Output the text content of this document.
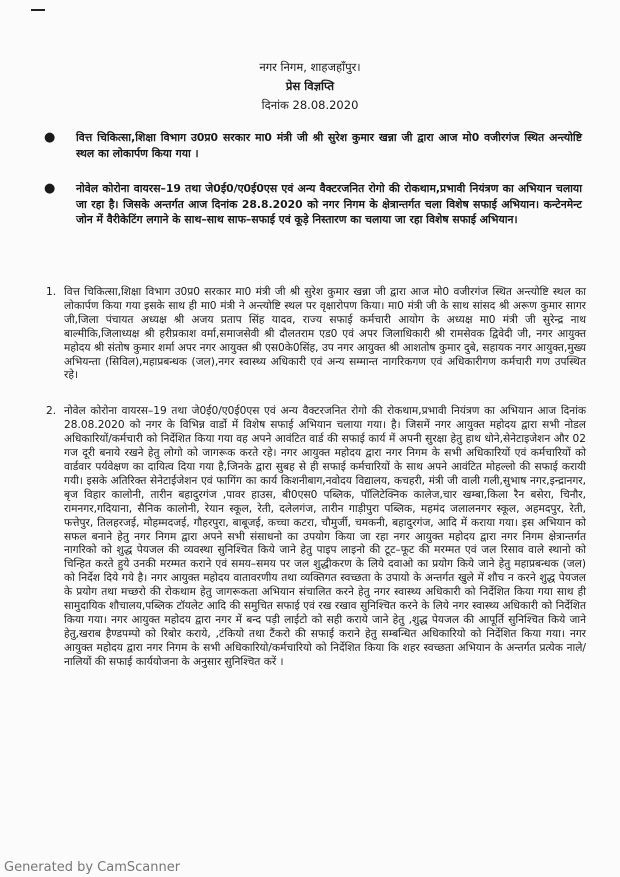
नगर निगम, शाहजहाँपुर।
प्रेस विज्ञप्ति
दिनांक 28.08.2020
● वित्त चिकित्सा,शिक्षा विभाग उ0प्र0 सरकार मा0 मंत्री जी श्री सुरेश कुमार खन्ना जी द्वारा आज मो0 वजीरगंज स्थित अन्त्योष्टि स्थल का लोकार्पण किया गया ।
● नोवेल कोरोना वायरस–19 तथा जे0ई0/ए0ई0एस एवं अन्य वैक्टरजनित रोगो की रोकथाम,प्रभावी नियंत्रण का अभियान चलाया जा रहा है। जिसके अन्तर्गत आज दिनांक 28.8.2020 को नगर निगम के क्षेत्रान्तर्गत चला विशेष सफाई अभियान। कन्टेनमेन्ट जोन में वैरीकेटिंग लगाने के साथ–साथ साफ–सफाई एवं कूड़े निस्तारण का चलाया जा रहा विशेष सफाई अभियान।
1. वित्त चिकित्सा,शिक्षा विभाग उ0प्र0 सरकार मा0 मंत्री जी श्री सुरेश कुमार खन्ना जी द्वारा आज मो0 वजीरगंज स्थित अन्त्योष्टि स्थल का लोकार्पण किया गया इसके साथ ही मा0 मंत्री ने अन्त्योष्टि स्थल पर वृक्षारोपण किया। मा0 मंत्री जी के साथ सांसद श्री अरूण कुमार सागर जी,जिला पंचायत अध्यक्ष श्री अजय प्रताप सिंह यादव, राज्य सफाई कर्मचारी आयोग के अध्यक्ष मा0 मंत्री जी सुरेन्द्र नाथ बाल्मीकि,जिलाध्यक्ष श्री हरीप्रकाश वर्मा,समाजसेवी श्री दौलतराम एड0 एवं अपर जिलाधिकारी श्री रामसेवक द्विवेदी जी, नगर आयुक्त महोदय श्री संतोष कुमार शर्मा अपर नगर आयुक्त श्री एस0के0सिंह, उप नगर आयुक्त श्री आशतोष कुमार दुबे, सहायक नगर आयुक्त,मुख्य अभियन्ता (सिविल),महाप्रबन्धक (जल),नगर स्वास्थ्य अधिकारी एवं अन्य सम्मान्त नागरिकगण एवं अधिकारीगण कर्मचारी गण उपस्थित रहे।
2. नोवेल कोरोना वायरस–19 तथा जे0ई0/ए0ई0एस एवं अन्य वैक्टरजनित रोगो की रोकथाम,प्रभावी नियंत्रण का अभियान आज दिनांक 28.08.2020 को नगर के विभिन्न वार्डो में विशेष सफाई अभियान चलाया गया। है। जिसमें नगर आयुक्त महोदय द्वारा सभी नोडल अधिकारियों/कर्मचारी को निर्देशित किया गया वह अपने आवंटित वार्ड की सफाई कार्य में अपनी सुरक्षा हेतु हाथ धोने,सेनेटाइजेशन और 02 गज दूरी बनाये रखने हेतु लोगो को जागरूक करते रहे। नगर आयुक्त महोदय द्वारा नगर निगम के सभी अधिकारियों एवं कर्मचारियों को वार्डवार पर्यवेक्षण का दायित्व दिया गया है,जिनके द्वारा सुबह से ही सफाई कर्मचारियों के साथ अपने आवंटित मोहल्लो की सफाई करायी गयी। इसके अतिरिक्त सेनेटाईजेशन एवं फागिंग का कार्य किशनीबाग,नवोदय विद्यालय, कचहरी, मंत्री जी वाली गली,सुभाष नगर,इन्द्रानगर, बृज विहार कालोनी, तारीन बहादुरगंज ,पावर हाउस, बी0एस0 पब्लिक, पॉलिटेक्निक कालेज,चार खम्बा,किला रैन बसेरा, चिनौर, रामनगर,गदियाना, सैनिक कालोनी, रेयान स्कूल, रेती, दलेलगंज, तारीन गाड़ीपुरा पब्लिक, महमंद जलालनगर स्कूल, अहमदपुर, रेती, फत्तेपुर, तिलहरजई, मोहम्मदजई, गौहरपुरा, बाबूजई, कच्चा कटरा, चौमुर्जी, चमकनी, बहादुरगंज, आदि में कराया गया। इस अभियान को सफल बनाने हेतु नगर निगम द्वारा अपने सभी संसाधनो का उपयोग किया जा रहा नगर आयुक्त महोदय द्वारा नगर निगम क्षेत्रान्तर्गत नागरिको को शुद्ध पेयजल की व्यवस्था सुनिश्चित किये जाने हेतु पाइप लाइनो की टूट–फूट की मरम्मत एवं जल रिसाव वाले स्थानो को चिन्हित करते हुये उनकी मरम्मत कराने एवं समय–समय पर जल शुद्धीकरण के लिये दवाओ का प्रयोग किये जाने हेतु महाप्रबन्धक (जल) को निर्देश दिये गये है। नगर आयुक्त महोदय वातावरणीय तथा व्यक्तिगत स्वच्छता के उपायो के अन्तर्गत खुले में शौच न करने शुद्ध पेयजल के प्रयोग तथा मच्छरो की रोकथाम हेतु जागरूकता अभियान संचालित करने हेतु नगर स्वास्थ्य अधिकारी को निर्देशित किया गया साथ ही सामुदायिक शौचालय,पब्लिक टॉयलेट आदि की समुचित सफाई एवं रख रखाव सुनिश्चित करने के लिये नगर स्वास्थ्य अधिकारी को निर्देशित किया गया। नगर आयुक्त महोदय द्वारा नगर में बन्द पड़ी लाईटो को सही कराये जाने हेतु ,शुद्ध पेयजल की आपूर्ति सुनिश्चित किये जाने हेतु,खराब हैण्डपम्पो को रिबोर कराये, ,टंकियो तथा टैंकरो की सफाई कराने हेतु सम्बन्धित अधिकारियो को निर्देशित किया गया। नगर आयुक्त महोदय द्वारा नगर निगम के सभी अधिकारियो/कर्मचारियो को निर्देशित किया कि शहर स्वच्छता अभियान के अन्तर्गत प्रत्येक नाले/नालियों की सफाई कार्ययोजना के अनुसार सुनिश्चित करें ।
Generated by CamScanner
